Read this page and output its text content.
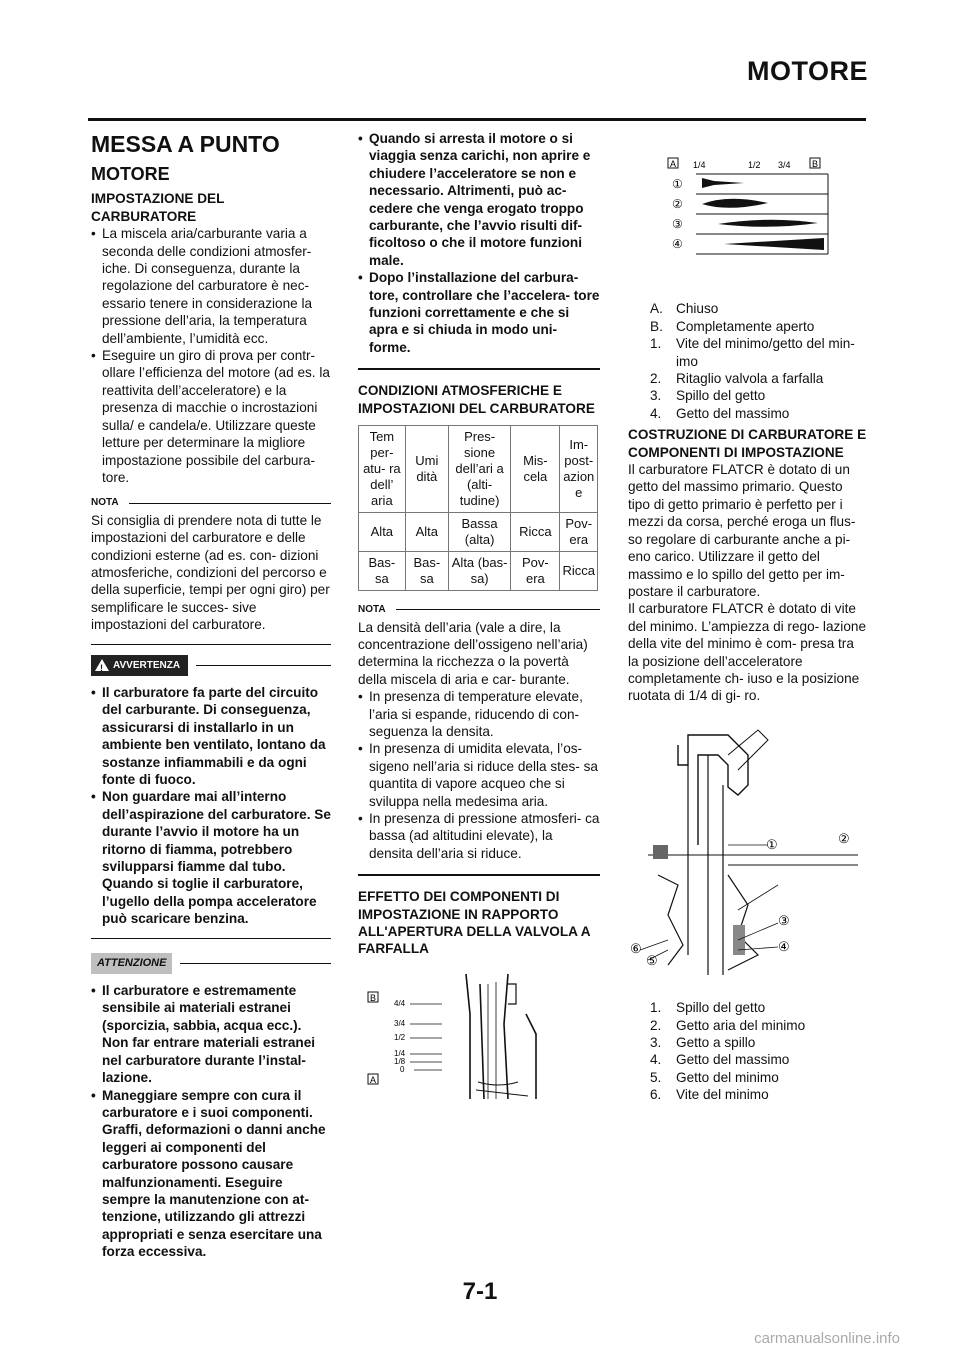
MOTORE
MESSA A PUNTO
MOTORE
IMPOSTAZIONE DEL CARBURATORE
• La miscela aria/carburante varia a seconda delle condizioni atmosfer- iche. Di conseguenza, durante la regolazione del carburatore è nec- essario tenere in considerazione la pressione dell’aria, la temperatura dell’ambiente, l’umidità ecc.
• Eseguire un giro di prova per contr- ollare l’efficienza del motore (ad es. la reattivita dell’acceleratore) e la presenza di macchie o incrostazioni sulla/ e candela/e. Utilizzare queste letture per determinare la migliore impostazione possibile del carbura- tore.
NOTA

Si consiglia di prendere nota di tutte le impostazioni del carburatore e delle condizioni esterne (ad es. con- dizioni atmosferiche, condizioni del percorso e della superficie, tempi per ogni giro) per semplificare le succes- sive impostazioni del carburatore.

! AVVERTENZA
• Il carburatore fa parte del circuito del carburante. Di conseguenza, assicurarsi di installarlo in un ambiente ben ventilato, lontano da sostanze infiammabili e da ogni fonte di fuoco.
• Non guardare mai all’interno dell’aspirazione del carburatore. Se durante l’avvio il motore ha un ritorno di fiamma, potrebbero svilupparsi fiamme dal tubo. Quando si toglie il carburatore, l’ugello della pompa acceleratore può scaricare benzina.
ATTENZIONE
• Il carburatore e estremamente sensibile ai materiali estranei (sporcizia, sabbia, acqua ecc.). Non far entrare materiali estranei nel carburatore durante l’instal- lazione.
• Maneggiare sempre con cura il carburatore e i suoi componenti. Graffi, deformazioni o danni anche leggeri ai componenti del carburatore possono causare malfunzionamenti. Eseguire sempre la manutenzione con at- tenzione, utilizzando gli attrezzi appropriati e senza esercitare una forza eccessiva.
• Quando si arresta il motore o si viaggia senza carichi, non aprire e chiudere l’acceleratore se non e necessario. Altrimenti, può ac- cedere che venga erogato troppo carburante, che l’avvio risulti dif- ficoltoso o che il motore funzioni male.
• Dopo l’installazione del carbura- tore, controllare che l’accelera- tore funzioni correttamente e che si apra e si chiuda in modo uni- forme.
CONDIZIONI ATMOSFERICHE E IMPOSTAZIONI DEL CARBURATORE
Tem per- atu- ra dell’ aria	Umi dità	Pres- sione dell’ari a (alti- tudine)	Mis- cela	Im- post- azion e
Alta	Alta	Bassa (alta)	Ricca	Pov- era
Bas- sa	Bas- sa	Alta (bas- sa)	Pov- era	Ricca
NOTA

La densità dell’aria (vale a dire, la concentrazione dell’ossigeno nell’aria) determina la ricchezza o la povertà della miscela di aria e car- burante.

• In presenza di temperature elevate, l’aria si espande, riducendo di con- seguenza la densita.
• In presenza di umidita elevata, l’os- sigeno nell’aria si riduce della stes- sa quantita di vapore acqueo che si sviluppa nella medesima aria.
• In presenza di pressione atmosferi- ca bassa (ad altitudini elevate), la densita dell’aria si riduce.
EFFETTO DEI COMPONENTI DI IMPOSTAZIONE IN RAPPORTO ALL'APERTURA DELLA VALVOLA A FARFALLA
B
A
4/4
3/4
1/2
1/4
1/8
0
A 1/4	1/2 3/4 B
①
②
③
④
A. Chiuso
B. Completamente aperto
1.	Vite del minimo/getto del min- imo
2.	Ritaglio valvola a farfalla
3.	Spillo del getto
4.	Getto del massimo
COSTRUZIONE DI CARBURATORE E COMPONENTI DI IMPOSTAZIONE

Il carburatore FLATCR è dotato di un getto del massimo primario. Questo tipo di getto primario è perfetto per i mezzi da corsa, perché eroga un flus- so regolare di carburante anche a pi- eno carico. Utilizzare il getto del massimo e lo spillo del getto per im- postare il carburatore.

Il carburatore FLATCR è dotato di vite del minimo. L’ampiezza di rego- lazione della vite del minimo è com- presa tra la posizione dell’acceleratore completamente ch- iuso e la posizione ruotata di 1/4 di gi- ro.

①	②
③
④
⑤
⑥
1.	Spillo del getto
2.	Getto aria del minimo
3.	Getto a spillo
4.	Getto del massimo
5.	Getto del minimo
6.	Vite del minimo
7-1
carmanualsonline.info
